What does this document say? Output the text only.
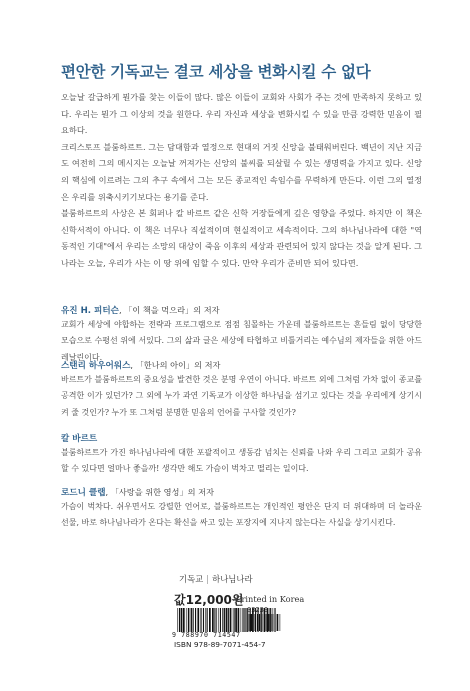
편안한 기독교는 결코 세상을 변화시킬 수 없다

오늘날 갈급하게 뭔가를 찾는 이들이 많다. 많은 이들이 교회와 사회가 주는 것에 만족하지 못하고 있다. 우리는 뭔가 그 이상의 것을 원한다. 우리 자신과 세상을 변화시킬 수 있을 만큼 강력한 믿음이 필요하다.

크리스토프 블룸하르트. 그는 담대함과 열정으로 현대의 거짓 신앙을 불태워버린다. 백년이 지난 지금도 여전히 그의 메시지는 오늘날 꺼져가는 신앙의 불씨를 되살릴 수 있는 생명력을 가지고 있다. 신앙의 핵심에 이르려는 그의 추구 속에서 그는 모든 종교적인 속임수를 무력하게 만든다. 이런 그의 열정은 우리를 위축시키기보다는 용기를 준다.

블룸하르트의 사상은 본 회퍼나 칼 바르트 같은 신학 거장들에게 깊은 영향을 주었다. 하지만 이 책은 신학서적이 아니다. 이 책은 너무나 직설적이며 현실적이고 세속적이다. 그의 하나님나라에 대한 "역동적인 기대"에서 우리는 소망의 대상이 죽음 이후의 세상과 관련되어 있지 않다는 것을 알게 된다. 그 나라는 오늘, 우리가 사는 이 땅 위에 임할 수 있다. 만약 우리가 준비만 되어 있다면.

유진 H. 피터슨, 「이 책을 먹으라」의 저자

교회가 세상에 야합하는 전략과 프로그램으로 점점 침몰하는 가운데 블룸하르트는 흔들림 없이 당당한 모습으로 수평선 위에 서있다. 그의 삶과 글은 세상에 타협하고 비틀거리는 예수님의 제자들을 위한 아드레날린이다.

스탠리 하우어워스, 「한나의 아이」의 저자

바르트가 블룸하르트의 중요성을 발견한 것은 분명 우연이 아니다. 바르트 외에 그처럼 가차 없이 종교를 공격한 이가 있던가? 그 외에 누가 과연 기독교가 이상한 하나님을 섬기고 있다는 것을 우리에게 상기시켜 줄 것인가? 누가 또 그처럼 분명한 믿음의 언어를 구사할 것인가?

칼 바르트

블룸하르트가 가진 하나님나라에 대한 포괄적이고 생동감 넘치는 신뢰를 나와 우리 그리고 교회가 공유할 수 있다면 얼마나 좋을까! 생각만 해도 가슴이 벅차고 떨리는 일이다.

로드니 클랩, 「사랑을 위한 영성」의 저자

가슴이 벅차다. 쉬우면서도 강렬한 언어로, 블룸하르트는 개인적인 평안은 단지 더 위대하며 더 놀라운 선물, 바로 하나님나라가 온다는 확신을 싸고 있는 포장지에 지나지 않는다는 사실을 상기시킨다.

기독교 | 하나님나라
값12,000원
Printed in Korea
9 788970 714547
ISBN 978-89-7071-454-7
